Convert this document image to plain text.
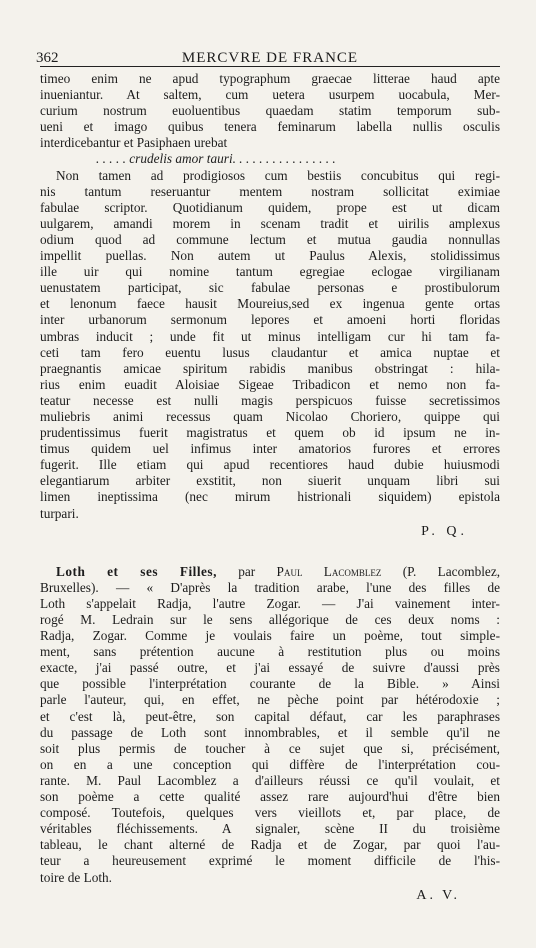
362	MERCVRE DE FRANCE
timeo enim ne apud typographum graecae litterae haud apte
inueniantur. At saltem, cum uetera usurpem uocabula, Mer-
curium nostrum euoluentibus quaedam statim temporum sub-
ueni et imago quibus tenera feminarum labella nullis osculis
interdicebantur et Pasiphaen urebat
. . . . . crudelis amor tauri. . . . . . . . . . . . . . . .
Non tamen ad prodigiosos cum bestiis concubitus qui regi-
nis tantum reseruantur mentem nostram sollicitat eximiae
fabulae scriptor. Quotidianum quidem, prope est ut dicam
uulgarem, amandi morem in scenam tradit et uirilis amplexus
odium quod ad commune lectum et mutua gaudia nonnullas
impellit puellas. Non autem ut Paulus Alexis, stolidissimus
ille uir qui nomine tantum egregiae eclogae virgilianam
uenustatem participat, sic fabulae personas e prostibulorum
et lenonum faece hausit Moureius,sed ex ingenua gente ortas
inter urbanorum sermonum lepores et amoeni horti floridas
umbras inducit ; unde fit ut minus intelligam cur hi tam fa-
ceti tam fero euentu lusus claudantur et amica nuptae et
praegnantis amicae spiritum rabidis manibus obstringat : hila-
rius enim euadit Aloisiae Sigeae Tribadicon et nemo non fa-
teatur necesse est nulli magis perspicuos fuisse secretissimos
muliebris animi recessus quam Nicolao Choriero, quippe qui
prudentissimus fuerit magistratus et quem ob id ipsum ne in-
timus quidem uel infimus inter amatorios furores et errores
fugerit. Ille etiam qui apud recentiores haud dubie huiusmodi
elegantiarum arbiter exstitit, non siuerit unquam libri sui
limen ineptissima (nec mirum histrionali siquidem) epistola
turpari.
P. Q.
Loth et ses Filles, par Paul Lacomblez (P. Lacomblez,
Bruxelles). — « D'après la tradition arabe, l'une des filles de
Loth s'appelait Radja, l'autre Zogar. — J'ai vainement inter-
rogé M. Ledrain sur le sens allégorique de ces deux noms :
Radja, Zogar. Comme je voulais faire un poème, tout simple-
ment, sans prétention aucune à restitution plus ou moins
exacte, j'ai passé outre, et j'ai essayé de suivre d'aussi près
que possible l'interprétation courante de la Bible. » Ainsi
parle l'auteur, qui, en effet, ne pèche point par hétérodoxie ;
et c'est là, peut-être, son capital défaut, car les paraphrases
du passage de Loth sont innombrables, et il semble qu'il ne
soit plus permis de toucher à ce sujet que si, précisément,
on en a une conception qui diffère de l'interprétation cou-
rante. M. Paul Lacomblez a d'ailleurs réussi ce qu'il voulait, et
son poème a cette qualité assez rare aujourd'hui d'être bien
composé. Toutefois, quelques vers vieillots et, par place, de
véritables fléchissements. A signaler, scène II du troisième
tableau, le chant alterné de Radja et de Zogar, par quoi l'au-
teur a heureusement exprimé le moment difficile de l'his-
toire de Loth.
A. V.
